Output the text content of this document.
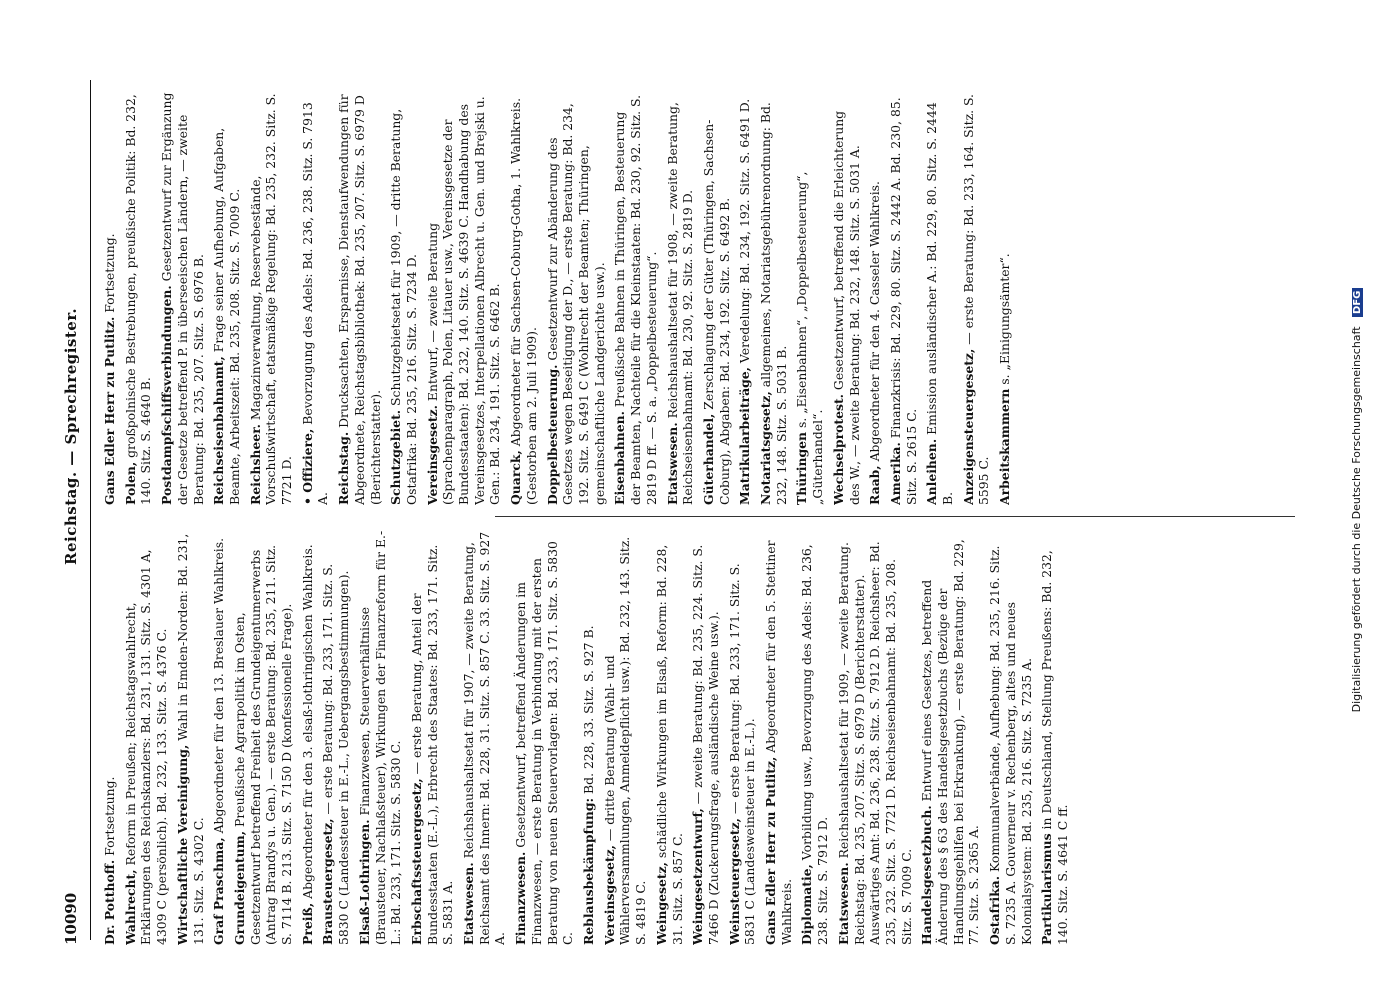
10090
Reichstag. — Sprechregister.
Dr. Potthoff. Fortsetzung.
Wahlrecht, Reform in Preußen; Reichstagswahlrecht, Erklärungen des Reichskanzlers: Bd. 231, 131. Sitz. S. 4301 A, 4309 C (persönlich). Bd. 232, 133. Sitz. S. 4376 C. Wirtschaftliche Vereinigung, Wahl in Emden-Norden: Bd. 231, 131. Sitz. S. 4302 C. Graf Praschma, Abgeordneter für den 13. Breslauer Wahlkreis.
Grundeigentum, Preußische Agrarpolitik im Osten, Gesetzentwurf betreffend Freiheit des Grundeigentumerwerbs (Antrag Brandys u. Gen.). — erste Beratung: Bd. 235, 211. Sitz. S. 7114 B. 213. Sitz. S. 7150 D (konfessionelle Frage). Preiß, Abgeordneter für den 3. elsaß-lothringischen Wahlkreis. Brausteuergesetz, — erste Beratung: Bd. 233, 171. Sitz. S. 5830 C (Landessteuer in E.-L., Uebergangsbestimmungen). Elsaß-Lothringen. Finanzwesen, Steuerverhältnisse (Brausteuer, Nachlaßsteuer), Wirkungen der Finanzreform für E.-L.: Bd. 233, 171. Sitz. S. 5830 C. Erbschaftssteuergesetz, — erste Beratung, Anteil der Bundesstaaten (E.-L.), Erbrecht des Staates: Bd. 233, 171. Sitz. S. 5831 A. Etatswesen. Reichshaushaltsetat für 1907, — zweite Beratung, Reichsamt des Innern: Bd. 228, 31. Sitz. S. 857 C. 33. Sitz. S. 927 A. Finanzwesen. Gesetzentwurf, betreffend Änderungen im Finanzwesen, — erste Beratung in Verbindung mit der ersten Beratung von neuen Steuervorlagen: Bd. 233, 171. Sitz. S. 5830 C. Reblausbekämpfung: Bd. 228, 33. Sitz. S. 927 B.
Vereinsgesetz, — dritte Beratung (Wahl- und Wählerversammlungen, Anmeldepflicht usw.): Bd. 232, 143. Sitz. S. 4819 C. Weingesetz, schädliche Wirkungen im Elsaß, Reform: Bd. 228, 31. Sitz. S. 857 C. Weingesetzentwurf, — zweite Beratung: Bd. 235, 224. Sitz. S. 7466 D (Zuckerungsfrage, ausländische Weine usw.). Weinsteuergesetz, — erste Beratung: Bd. 233, 171. Sitz. S. 5831 C (Landesweinsteuer in E.-L.). Gans Edler Herr zu Putlitz, Abgeordneter für den 5. Stettiner Wahlkreis. Diplomatie, Vorbildung usw., Bevorzugung des Adels: Bd. 236, 238. Sitz. S. 7912 D. Etatswesen. Reichshaushaltsetat für 1909, — zweite Beratung. Reichstag: Bd. 235, 207. Sitz. S. 6979 D (Berichterstatter). Auswärtiges Amt: Bd. 236, 238. Sitz. S. 7912 D. Reichsheer: Bd. 235, 232. Sitz. S. 7721 D. Reichseisenbahnamt: Bd. 235, 208. Sitz. S. 7009 C. Handelsgesetzbuch. Entwurf eines Gesetzes, betreffend Änderung des § 63 des Handelsgesetzbuchs (Bezüge der Handlungsgehilfen bei Erkrankung), — erste Beratung: Bd. 229, 77. Sitz. S. 2365 A. Ostafrika. Kommunalverbände, Aufhebung: Bd. 235, 216. Sitz. S. 7235 A. Gouverneur v. Rechenberg, altes und neues Kolonialsystem: Bd. 235, 216. Sitz. S. 7235 A. Partikularismus in Deutschland, Stellung Preußens: Bd. 232, 140. Sitz. S. 4641 C ff.
Gans Edler Herr zu Putlitz. Fortsetzung.
Polen, großpolnische Bestrebungen, preußische Politik: Bd. 232, 140. Sitz. S. 4640 B. Postdampfschiffsverbindungen. Gesetzentwurf zur Ergänzung der Gesetze betreffend P. in überseeischen Ländern, — zweite Beratung: Bd. 235, 207. Sitz. S. 6976 B. Reichseisenbahnamt, Frage seiner Aufhebung, Aufgaben, Beamte, Arbeitszeit: Bd. 235, 208. Sitz. S. 7009 C. Reichsheer. Magazinverwaltung, Reservebestände, Vorschußwirtschaft, etatsmäßige Regelung: Bd. 235, 232. Sitz. S. 7721 D. • Offiziere, Bevorzugung des Adels: Bd. 236, 238. Sitz. S. 7913 A. Reichstag. Drucksachten, Ersparnisse, Dienstaufwendungen für Abgeordnete, Reichstagsbibliothek: Bd. 235, 207. Sitz. S. 6979 D (Berichterstatter). Schutzgebiet. Schutzgebietsetat für 1909, — dritte Beratung, Ostafrika: Bd. 235, 216. Sitz. S. 7234 D. Vereinsgesetz. Entwurf, — zweite Beratung (Sprachenparagraph, Polen, Litauer usw., Vereinsgesetze der Bundesstaaten): Bd. 232, 140. Sitz. S. 4639 C. Handhabung des Vereinsgesetzes, Interpellationen Albrecht u. Gen. und Brejski u. Gen.: Bd. 234, 191. Sitz. S. 6462 B. Quarck, Abgeordneter für Sachsen-Coburg-Gotha, 1. Wahlkreis. (Gestorben am 2. Juli 1909). Doppelbesteuerung. Gesetzentwurf zur Abänderung des Gesetzes wegen Beseitigung der D., — erste Beratung: Bd. 234, 192. Sitz. S. 6491 C (Wohlrecht der Beamten; Thüringen, gemeinschaftliche Landgerichte usw.). Eisenbahnen. Preußische Bahnen in Thüringen, Besteuerung der Beamten, Nachteile für die Kleinstaaten: Bd. 230, 92. Sitz. S. 2819 D ff. — S. a. „Doppelbesteuerung“. Etatswesen. Reichshaushaltsetat für 1908, — zweite Beratung, Reichseisenbahnamt: Bd. 230, 92. Sitz. S. 2819 D. Güterhandel, Zerschlagung der Güter (Thüringen, Sachsen-Coburg), Abgaben: Bd. 234, 192. Sitz. S. 6492 B. Matrikularbeiträge, Veredelung: Bd. 234, 192. Sitz. S. 6491 D.
Notariatsgesetz, allgemeines, Notariatsgebührenordnung: Bd. 232, 148. Sitz. S. 5031 B. Thüringen s. „Eisenbahnen“, „Doppelbesteuerung“, „Güterhandel“. Wechselprotest. Gesetzentwurf, betreffend die Erleichterung des W., — zweite Beratung: Bd. 232, 148. Sitz. S. 5031 A. Raab, Abgeordneter für den 4. Casseler Wahlkreis.
Amerika. Finanzkrisis: Bd. 229, 80. Sitz. S. 2442 A. Bd. 230, 85. Sitz. S. 2615 C. Anleihen. Emission ausländischer A.: Bd. 229, 80. Sitz. S. 2444 B. Anzeigensteuergesetz, — erste Beratung: Bd. 233, 164. Sitz. S. 5595 C. Arbeitskammern s. „Einigungsämter“.
Digitalisierung gefördert durch die Deutsche Forschungsgemeinschaft DFG
